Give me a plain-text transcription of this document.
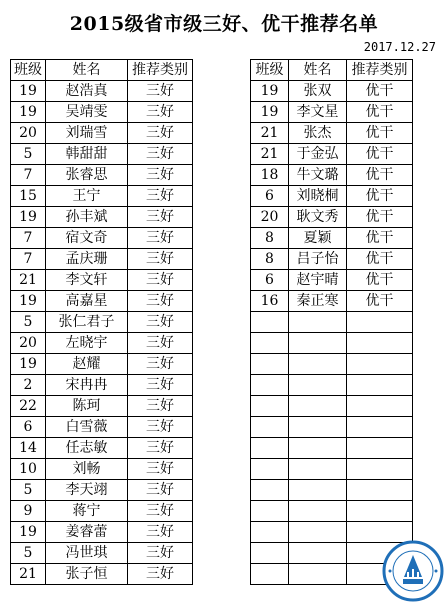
2015级省市级三好、优干推荐名单
2017.12.27
班级	姓名	推荐类别
19	赵浩真	三好
19	吴靖雯	三好
20	刘瑞雪	三好
5	韩甜甜	三好
7	张睿思	三好
15	王宁	三好
19	孙丰斌	三好
7	宿文奇	三好
7	孟庆珊	三好
21	李文轩	三好
19	高嘉星	三好
5	张仁君子	三好
20	左晓宇	三好
19	赵耀	三好
2	宋冉冉	三好
22	陈珂	三好
6	白雪薇	三好
14	任志敏	三好
10	刘畅	三好
5	李天翊	三好
9	蒋宁	三好
19	姜睿蕾	三好
5	冯世琪	三好
21	张子恒	三好
班级	姓名	推荐类别
19	张双	优干
19	李文星	优干
21	张杰	优干
21	于金弘	优干
18	牛文璐	优干
6	刘晓桐	优干
20	耿文秀	优干
8	夏颖	优干
8	吕子怡	优干
6	赵宇晴	优干
16	秦正寒	优干
